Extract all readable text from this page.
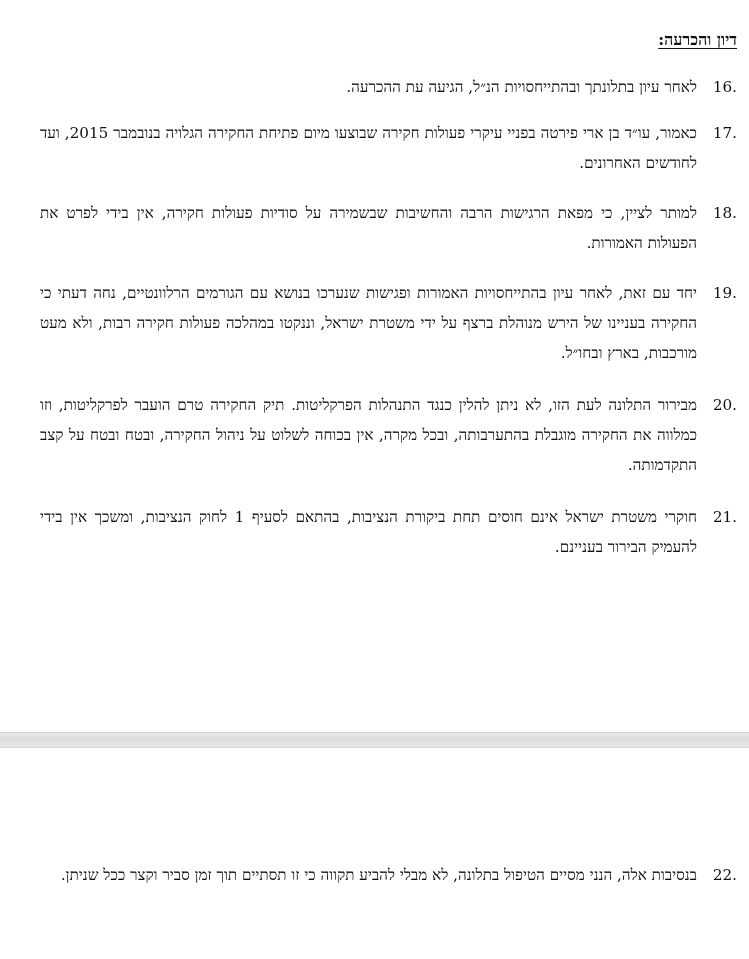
דיון והכרעה:

16.
לאחר עיון בתלונתך ובהתייחסויות הנ״ל, הגיעה עת ההכרעה.

17.
כאמור, עו״ד בן ארי פירטה בפניי עיקרי פעולות חקירה שבוצעו מיום פתיחת החקירה הגלויה בנובמבר 2015, ועד לחודשים האחרונים.

18.
למותר לציין, כי מפאת הרגישות הרבה והחשיבות שבשמירה על סודיות פעולות חקירה, אין בידי לפרט את הפעולות האמורות.

19.
יחד עם זאת, לאחר עיון בהתייחסויות האמורות ופגישות שנערכו בנושא עם הגורמים הרלוונטיים, נחה דעתי כי החקירה בעניינו של הירש מנוהלת ברצף על ידי משטרת ישראל, וננקטו במהלכה פעולות חקירה רבות, ולא מעט מורכבות, בארץ ובחו״ל.

20.
מבירור התלונה לעת הזו, לא ניתן להלין כנגד התנהלות הפרקליטות. תיק החקירה טרם הועבר לפרקליטות, וזו כמלווה את החקירה מוגבלת בהתערבותה, ובכל מקרה, אין בכוחה לשלוט על ניהול החקירה, ובטח ובטח על קצב התקדמותה.

21.
חוקרי משטרת ישראל אינם חוסים תחת ביקורת הנציבות, בהתאם לסעיף 1 לחוק הנציבות, ומשכך אין בידי להעמיק הבירור בעניינם.

22.
בנסיבות אלה, הנני מסיים הטיפול בתלונה, לא מבלי להביע תקווה כי זו תסתיים תוך זמן סביר וקצר ככל שניתן.
